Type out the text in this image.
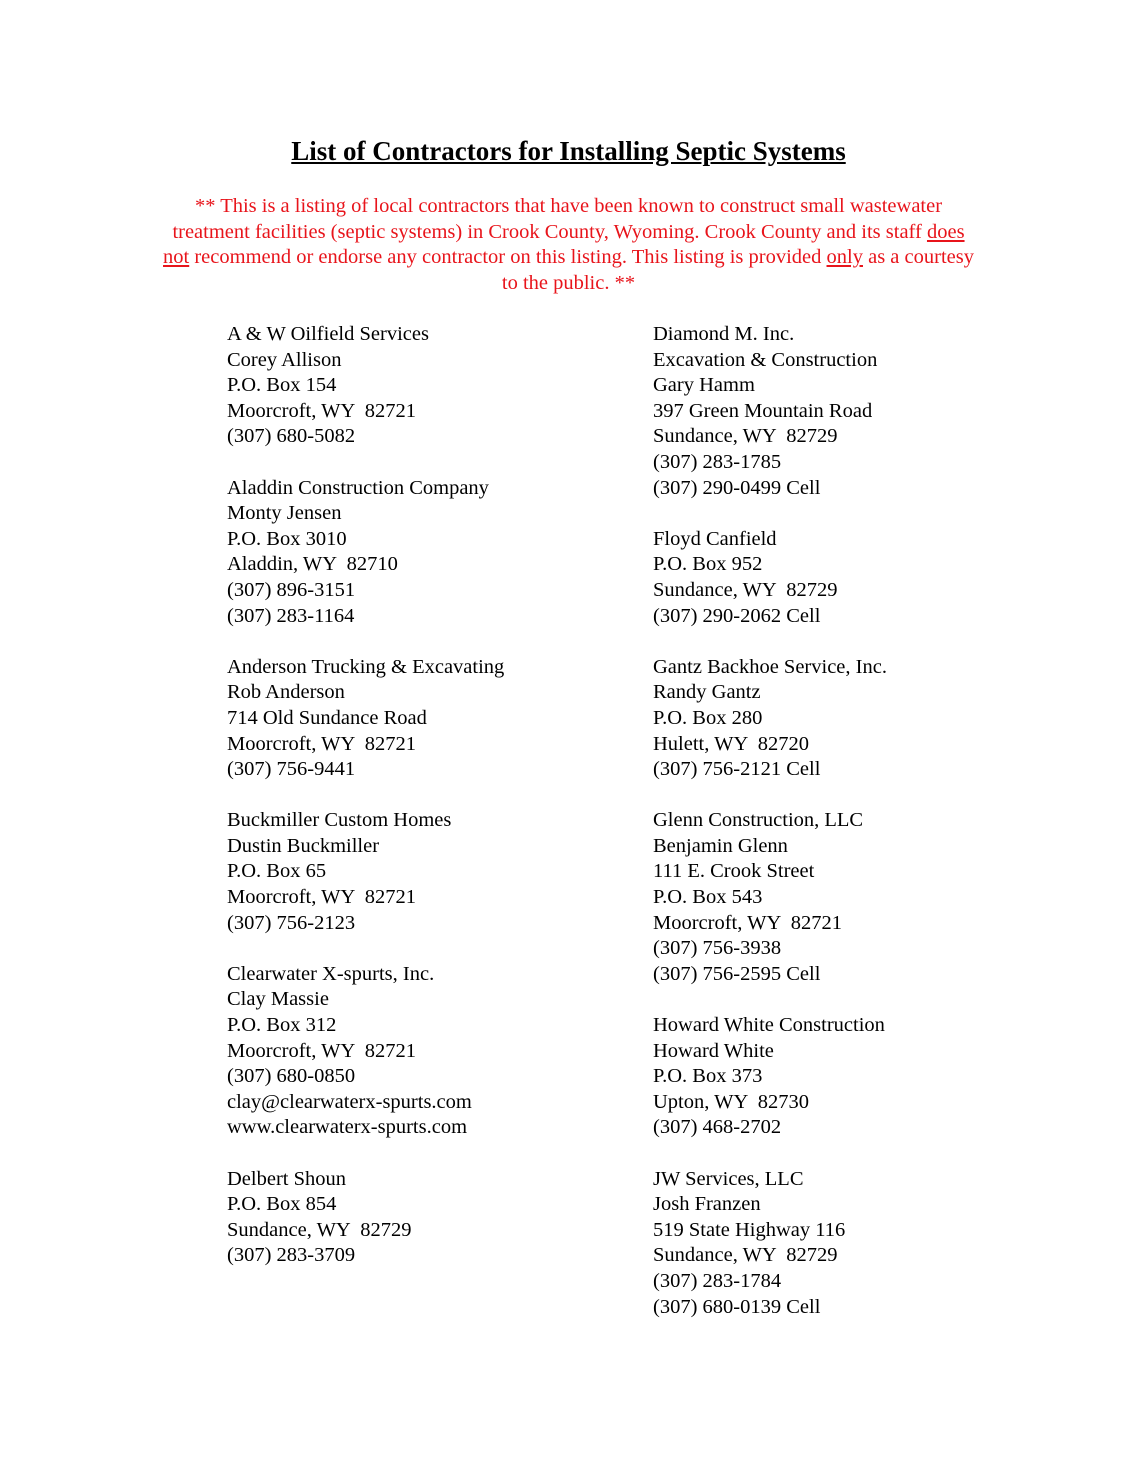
List of Contractors for Installing Septic Systems
** This is a listing of local contractors that have been known to construct small wastewater treatment facilities (septic systems) in Crook County, Wyoming. Crook County and its staff does not recommend or endorse any contractor on this listing. This listing is provided only as a courtesy to the public. **
A & W Oilfield Services
Corey Allison
P.O. Box 154
Moorcroft, WY  82721
(307) 680-5082
Aladdin Construction Company
Monty Jensen
P.O. Box 3010
Aladdin, WY  82710
(307) 896-3151
(307) 283-1164
Anderson Trucking & Excavating
Rob Anderson
714 Old Sundance Road
Moorcroft, WY  82721
(307) 756-9441
Buckmiller Custom Homes
Dustin Buckmiller
P.O. Box 65
Moorcroft, WY  82721
(307) 756-2123
Clearwater X-spurts, Inc.
Clay Massie
P.O. Box 312
Moorcroft, WY  82721
(307) 680-0850
clay@clearwaterx-spurts.com
www.clearwaterx-spurts.com
Delbert Shoun
P.O. Box 854
Sundance, WY  82729
(307) 283-3709
Diamond M. Inc.
Excavation & Construction
Gary Hamm
397 Green Mountain Road
Sundance, WY  82729
(307) 283-1785
(307) 290-0499 Cell
Floyd Canfield
P.O. Box 952
Sundance, WY  82729
(307) 290-2062 Cell
Gantz Backhoe Service, Inc.
Randy Gantz
P.O. Box 280
Hulett, WY  82720
(307) 756-2121 Cell
Glenn Construction, LLC
Benjamin Glenn
111 E. Crook Street
P.O. Box 543
Moorcroft, WY  82721
(307) 756-3938
(307) 756-2595 Cell
Howard White Construction
Howard White
P.O. Box 373
Upton, WY  82730
(307) 468-2702
JW Services, LLC
Josh Franzen
519 State Highway 116
Sundance, WY  82729
(307) 283-1784
(307) 680-0139 Cell
